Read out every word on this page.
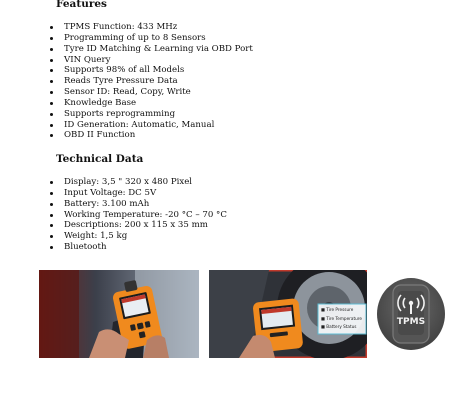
Features
TPMS Function: 433 MHz
Programming of up to 8 Sensors
Tyre ID Matching & Learning via OBD Port
VIN Query
Supports 98% of all Models
Reads Tyre Pressure Data
Sensor ID: Read, Copy, Write
Knowledge Base
Supports reprogramming
ID Generation: Automatic, Manual
OBD II Function
Technical Data
Display: 3,5 " 320 x 480 Pixel
Input Voltage: DC 5V
Battery: 3.100 mAh
Working Temperature: -20 °C – 70 °C
Descriptions: 200 x 115 x 35 mm
Weight: 1,5 kg
Bluetooth
■ Tire Pressure
■ Tire Temperature
■ Battery Status	TPMS
